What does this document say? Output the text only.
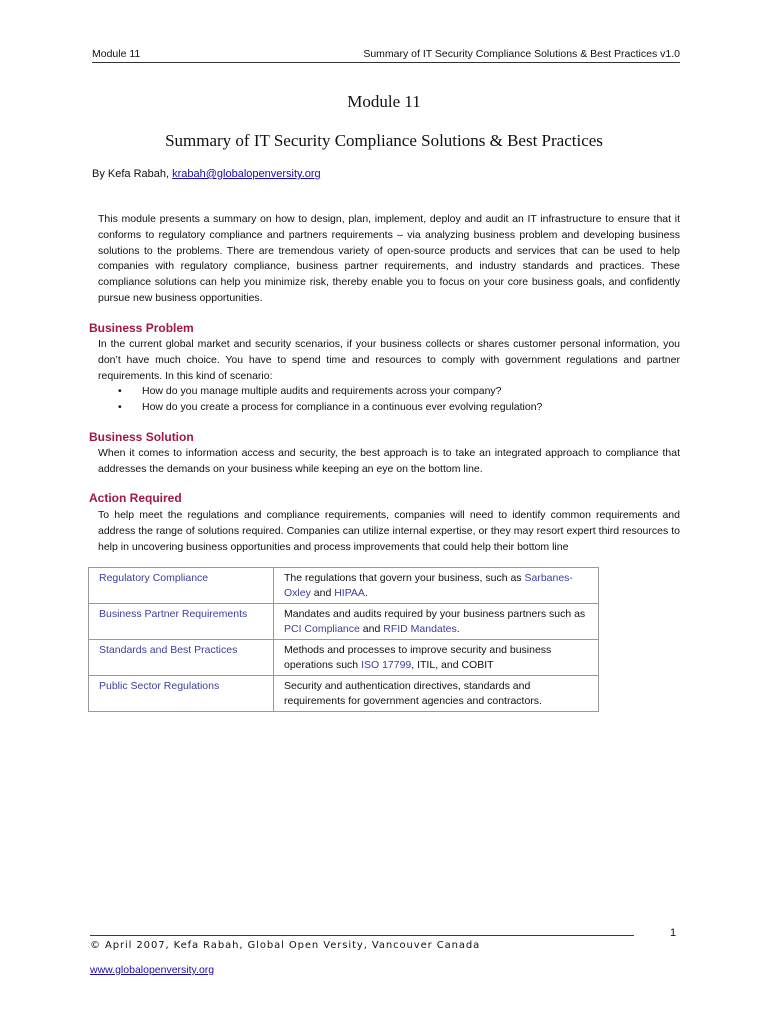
Module 11	Summary of IT Security Compliance Solutions & Best Practices v1.0
Module 11
Summary of IT Security Compliance Solutions & Best Practices
By Kefa Rabah, krabah@globalopenversity.org
This module presents a summary on how to design, plan, implement, deploy and audit an IT infrastructure to ensure that it conforms to regulatory compliance and partners requirements – via analyzing business problem and developing business solutions to the problems. There are tremendous variety of open-source products and services that can be used to help companies with regulatory compliance, business partner requirements, and industry standards and practices. These compliance solutions can help you minimize risk, thereby enable you to focus on your core business goals, and confidently pursue new business opportunities.
Business Problem
In the current global market and security scenarios, if your business collects or shares customer personal information, you don’t have much choice. You have to spend time and resources to comply with government regulations and partner requirements. In this kind of scenario:
• How do you manage multiple audits and requirements across your company?
• How do you create a process for compliance in a continuous ever evolving regulation?
Business Solution
When it comes to information access and security, the best approach is to take an integrated approach to compliance that addresses the demands on your business while keeping an eye on the bottom line.
Action Required
To help meet the regulations and compliance requirements, companies will need to identify common requirements and address the range of solutions required. Companies can utilize internal expertise, or they may resort expert third resources to help in uncovering business opportunities and process improvements that could help their bottom line
Regulatory Compliance	The regulations that govern your business, such as Sarbanes-Oxley and HIPAA.
Business Partner Requirements	Mandates and audits required by your business partners such as PCI Compliance and RFID Mandates.
Standards and Best Practices	Methods and processes to improve security and business operations such ISO 17799, ITIL, and COBIT
Public Sector Regulations	Security and authentication directives, standards and requirements for government agencies and contractors.
1
© April 2007, Kefa Rabah, Global Open Versity, Vancouver Canada
www.globalopenversity.org
